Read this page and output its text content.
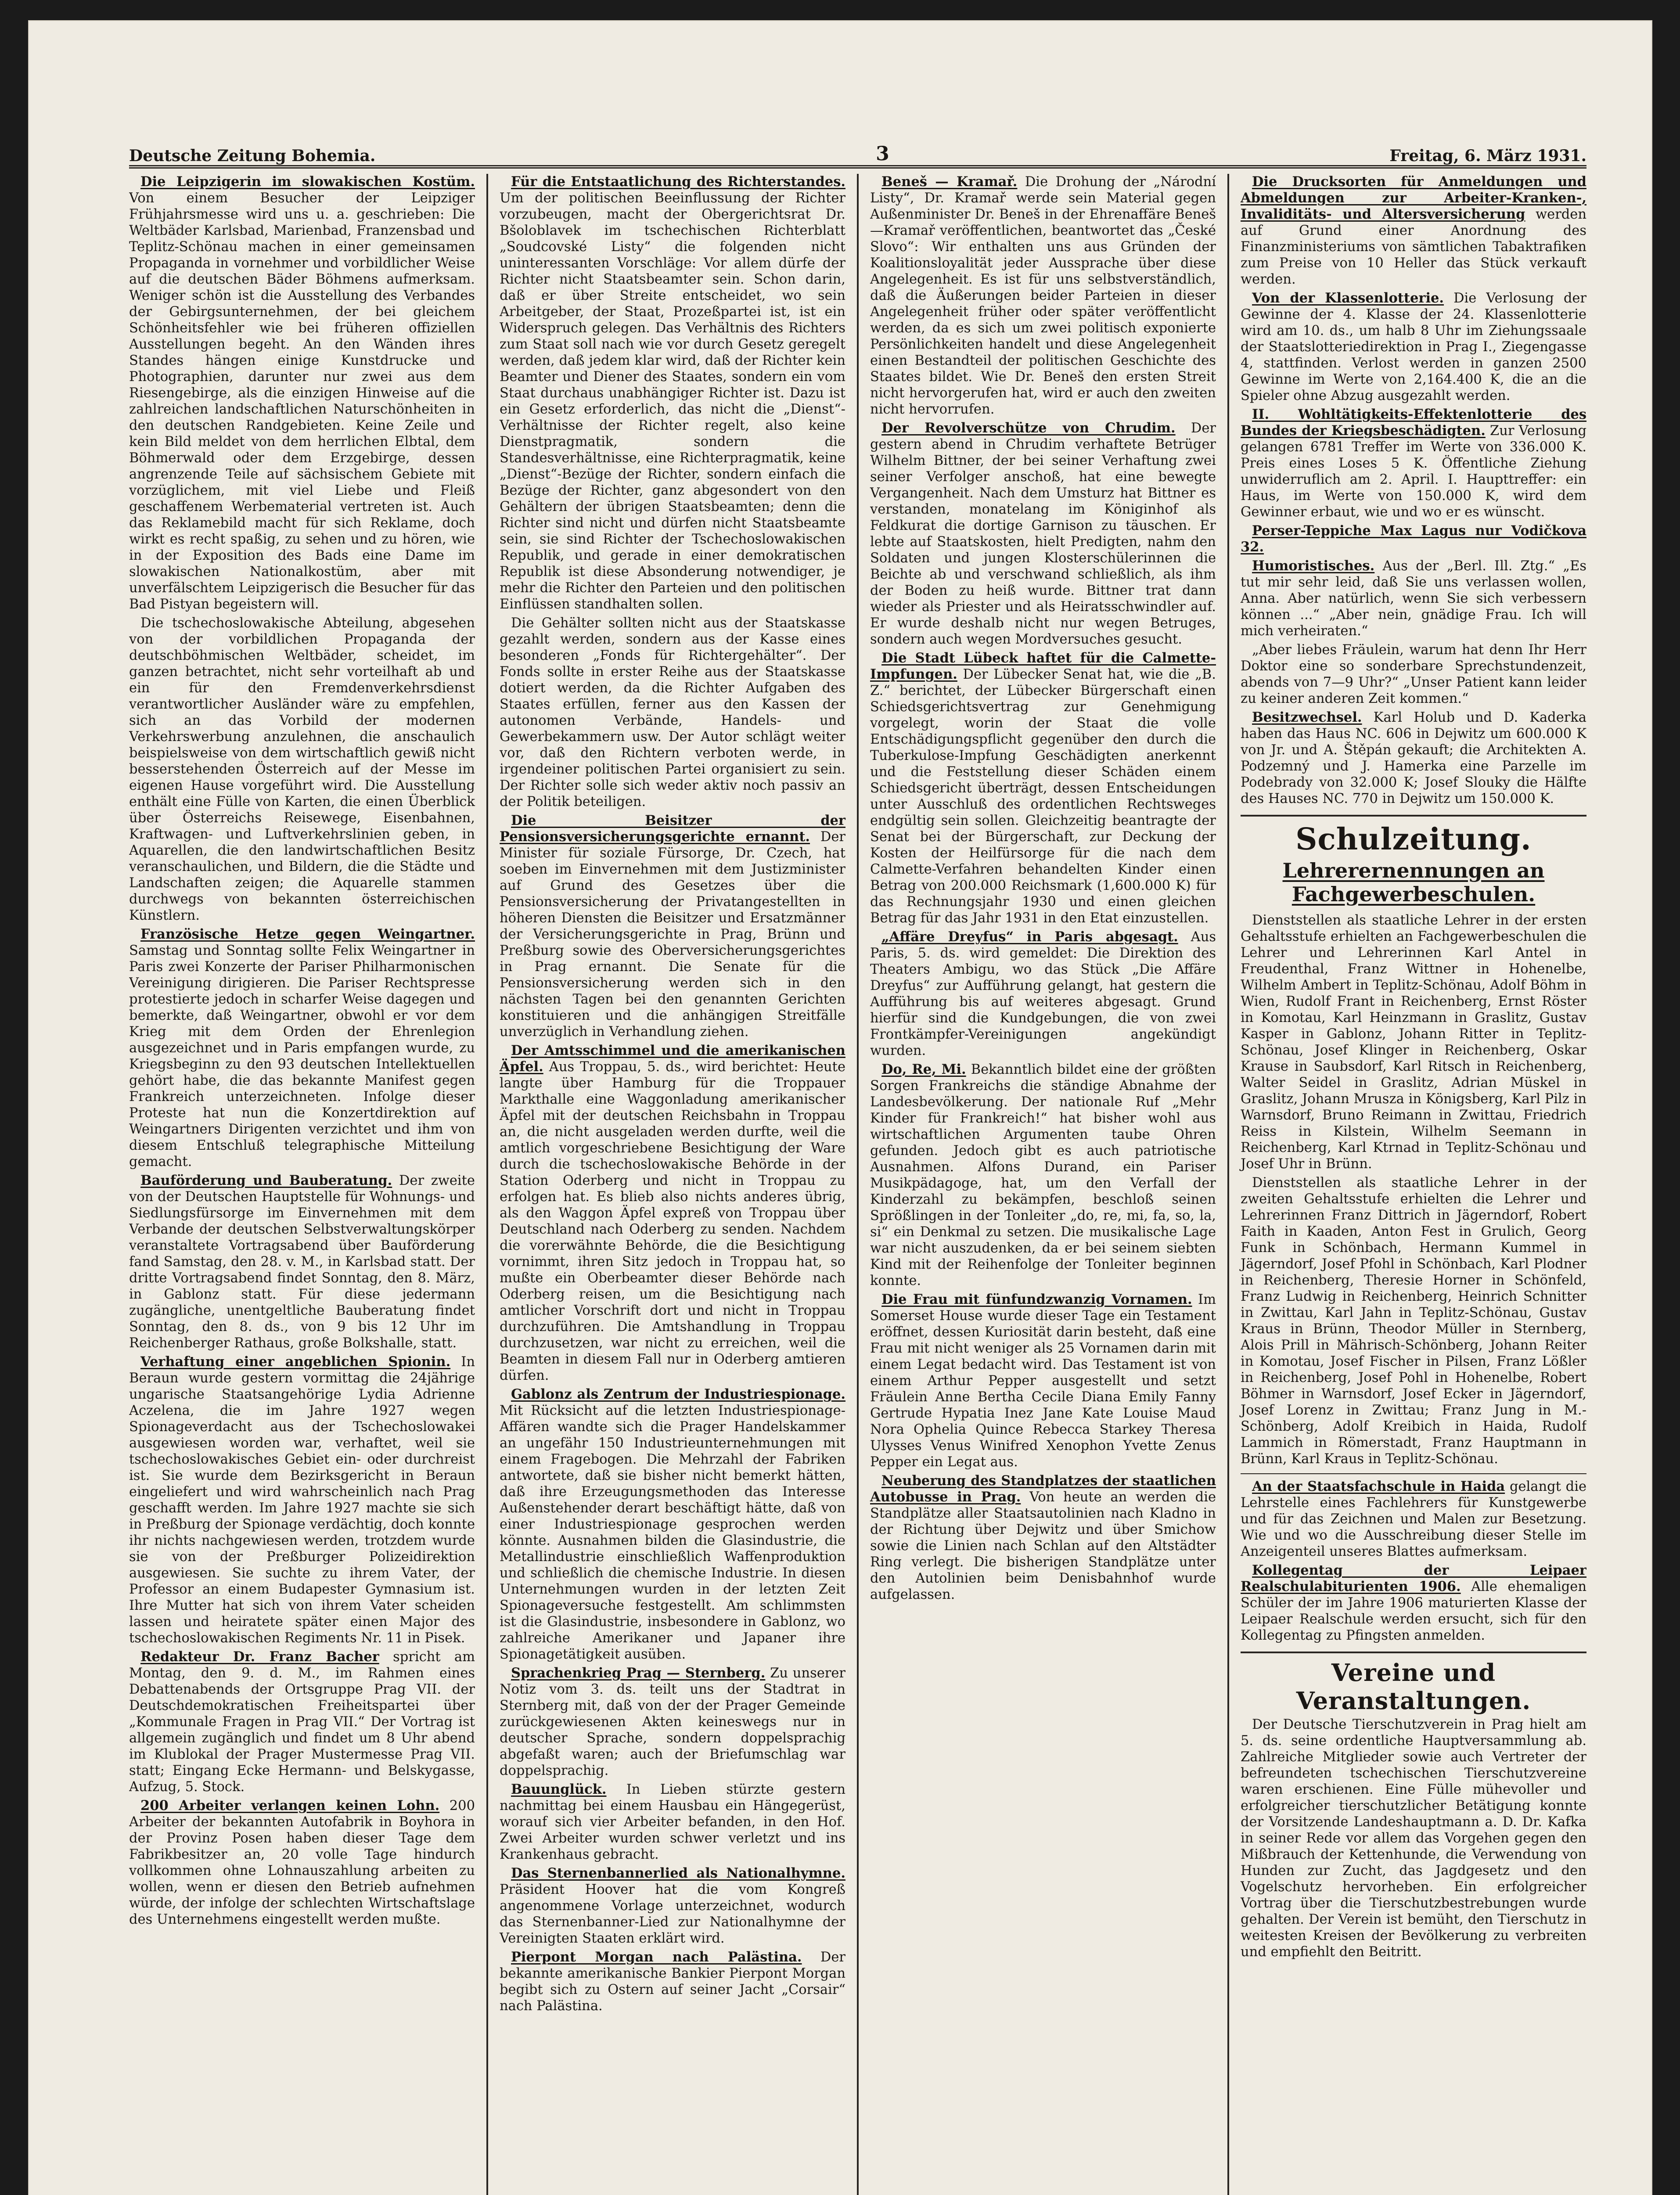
Deutsche Zeitung Bohemia.	3	Freitag, 6. März 1931.

Die Leipzigerin im slowakischen Kostüm. Von einem Besucher der Leipziger Frühjahrsmesse wird uns u. a. geschrieben: Die Weltbäder Karlsbad, Marienbad, Franzensbad und Teplitz-Schönau machen in einer gemeinsamen Propaganda in vornehmer und vorbildlicher Weise auf die deutschen Bäder Böhmens aufmerksam. Weniger schön ist die Ausstellung des Verbandes der Gebirgsunternehmen, der bei gleichem Schönheitsfehler wie bei früheren offiziellen Ausstellungen begeht. An den Wänden ihres Standes hängen einige Kunstdrucke und Photographien, darunter nur zwei aus dem Riesengebirge, als die einzigen Hinweise auf die zahlreichen landschaftlichen Naturschönheiten in den deutschen Randgebieten. Keine Zeile und kein Bild meldet von dem herrlichen Elbtal, dem Böhmerwald oder dem Erzgebirge, dessen angrenzende Teile auf sächsischem Gebiete mit vorzüglichem, mit viel Liebe und Fleiß geschaffenem Werbematerial vertreten ist. Auch das Reklamebild macht für sich Reklame, doch wirkt es recht spaßig, zu sehen und zu hören, wie in der Exposition des Bads eine Dame im slowakischen Nationalkostüm, aber mit unverfälschtem Leipzigerisch die Besucher für das Bad Pistyan begeistern will.

Die tschechoslowakische Abteilung, abgesehen von der vorbildlichen Propaganda der deutschböhmischen Weltbäder, scheidet, im ganzen betrachtet, nicht sehr vorteilhaft ab und ein für den Fremdenverkehrsdienst verantwortlicher Ausländer wäre zu empfehlen, sich an das Vorbild der modernen Verkehrswerbung anzulehnen, die anschaulich beispielsweise von dem wirtschaftlich gewiß nicht besserstehenden Österreich auf der Messe im eigenen Hause vorgeführt wird. Die Ausstellung enthält eine Fülle von Karten, die einen Überblick über Österreichs Reisewege, Eisenbahnen, Kraftwagen- und Luftverkehrslinien geben, in Aquarellen, die den landwirtschaftlichen Besitz veranschaulichen, und Bildern, die die Städte und Landschaften zeigen; die Aquarelle stammen durchwegs von bekannten österreichischen Künstlern.

Französische Hetze gegen Weingartner. Samstag und Sonntag sollte Felix Weingartner in Paris zwei Konzerte der Pariser Philharmonischen Vereinigung dirigieren. Die Pariser Rechtspresse protestierte jedoch in scharfer Weise dagegen und bemerkte, daß Weingartner, obwohl er vor dem Krieg mit dem Orden der Ehrenlegion ausgezeichnet und in Paris empfangen wurde, zu Kriegsbeginn zu den 93 deutschen Intellektuellen gehört habe, die das bekannte Manifest gegen Frankreich unterzeichneten. Infolge dieser Proteste hat nun die Konzertdirektion auf Weingartners Dirigenten verzichtet und ihm von diesem Entschluß telegraphische Mitteilung gemacht.

Bauförderung und Bauberatung. Der zweite von der Deutschen Hauptstelle für Wohnungs- und Siedlungsfürsorge im Einvernehmen mit dem Verbande der deutschen Selbstverwaltungskörper veranstaltete Vortragsabend über Bauförderung fand Samstag, den 28. v. M., in Karlsbad statt. Der dritte Vortragsabend findet Sonntag, den 8. März, in Gablonz statt. Für diese jedermann zugängliche, unentgeltliche Bauberatung findet Sonntag, den 8. ds., von 9 bis 12 Uhr im Reichenberger Rathaus, große Bolkshalle, statt.

Verhaftung einer angeblichen Spionin. In Beraun wurde gestern vormittag die 24jährige ungarische Staatsangehörige Lydia Adrienne Aczelena, die im Jahre 1927 wegen Spionageverdacht aus der Tschechoslowakei ausgewiesen worden war, verhaftet, weil sie tschechoslowakisches Gebiet ein- oder durchreist ist. Sie wurde dem Bezirksgericht in Beraun eingeliefert und wird wahrscheinlich nach Prag geschafft werden. Im Jahre 1927 machte sie sich in Preßburg der Spionage verdächtig, doch konnte ihr nichts nachgewiesen werden, trotzdem wurde sie von der Preßburger Polizeidirektion ausgewiesen. Sie suchte zu ihrem Vater, der Professor an einem Budapester Gymnasium ist. Ihre Mutter hat sich von ihrem Vater scheiden lassen und heiratete später einen Major des tschechoslowakischen Regiments Nr. 11 in Pisek.

Redakteur Dr. Franz Bacher spricht am Montag, den 9. d. M., im Rahmen eines Debattenabends der Ortsgruppe Prag VII. der Deutschdemokratischen Freiheitspartei über „Kommunale Fragen in Prag VII.“ Der Vortrag ist allgemein zugänglich und findet um 8 Uhr abend im Klublokal der Prager Mustermesse Prag VII. statt; Eingang Ecke Hermann- und Belskygasse, Aufzug, 5. Stock.

200 Arbeiter verlangen keinen Lohn. 200 Arbeiter der bekannten Autofabrik in Boyhora in der Provinz Posen haben dieser Tage dem Fabrikbesitzer an, 20 volle Tage hindurch vollkommen ohne Lohnauszahlung arbeiten zu wollen, wenn er diesen den Betrieb aufnehmen würde, der infolge der schlechten Wirtschaftslage des Unternehmens eingestellt werden mußte.

Für die Entstaatlichung des Richterstandes. Um der politischen Beeinflussung der Richter vorzubeugen, macht der Obergerichtsrat Dr. Bšoloblavek im tschechischen Richterblatt „Soudcovské Listy“ die folgenden nicht uninteressanten Vorschläge: Vor allem dürfe der Richter nicht Staatsbeamter sein. Schon darin, daß er über Streite entscheidet, wo sein Arbeitgeber, der Staat, Prozeßpartei ist, ist ein Widerspruch gelegen. Das Verhältnis des Richters zum Staat soll nach wie vor durch Gesetz geregelt werden, daß jedem klar wird, daß der Richter kein Beamter und Diener des Staates, sondern ein vom Staat durchaus unabhängiger Richter ist. Dazu ist ein Gesetz erforderlich, das nicht die „Dienst“-Verhältnisse der Richter regelt, also keine Dienstpragmatik, sondern die Standesverhältnisse, eine Richterpragmatik, keine „Dienst“-Bezüge der Richter, sondern einfach die Bezüge der Richter, ganz abgesondert von den Gehältern der übrigen Staatsbeamten; denn die Richter sind nicht und dürfen nicht Staatsbeamte sein, sie sind Richter der Tschechoslowakischen Republik, und gerade in einer demokratischen Republik ist diese Absonderung notwendiger, je mehr die Richter den Parteien und den politischen Einflüssen standhalten sollen.

Die Gehälter sollten nicht aus der Staatskasse gezahlt werden, sondern aus der Kasse eines besonderen „Fonds für Richtergehälter“. Der Fonds sollte in erster Reihe aus der Staatskasse dotiert werden, da die Richter Aufgaben des Staates erfüllen, ferner aus den Kassen der autonomen Verbände, Handels- und Gewerbekammern usw. Der Autor schlägt weiter vor, daß den Richtern verboten werde, in irgendeiner politischen Partei organisiert zu sein. Der Richter solle sich weder aktiv noch passiv an der Politik beteiligen.

Die Beisitzer der Pensionsversicherungsgerichte ernannt. Der Minister für soziale Fürsorge, Dr. Czech, hat soeben im Einvernehmen mit dem Justizminister auf Grund des Gesetzes über die Pensionsversicherung der Privatangestellten in höheren Diensten die Beisitzer und Ersatzmänner der Versicherungsgerichte in Prag, Brünn und Preßburg sowie des Oberversicherungsgerichtes in Prag ernannt. Die Senate für die Pensionsversicherung werden sich in den nächsten Tagen bei den genannten Gerichten konstituieren und die anhängigen Streitfälle unverzüglich in Verhandlung ziehen.

Der Amtsschimmel und die amerikanischen Äpfel. Aus Troppau, 5. ds., wird berichtet: Heute langte über Hamburg für die Troppauer Markthalle eine Waggonladung amerikanischer Äpfel mit der deutschen Reichsbahn in Troppau an, die nicht ausgeladen werden durfte, weil die amtlich vorgeschriebene Besichtigung der Ware durch die tschechoslowakische Behörde in der Station Oderberg und nicht in Troppau zu erfolgen hat. Es blieb also nichts anderes übrig, als den Waggon Äpfel expreß von Troppau über Deutschland nach Oderberg zu senden. Nachdem die vorerwähnte Behörde, die die Besichtigung vornimmt, ihren Sitz jedoch in Troppau hat, so mußte ein Oberbeamter dieser Behörde nach Oderberg reisen, um die Besichtigung nach amtlicher Vorschrift dort und nicht in Troppau durchzuführen. Die Amtshandlung in Troppau durchzusetzen, war nicht zu erreichen, weil die Beamten in diesem Fall nur in Oderberg amtieren dürfen.

Gablonz als Zentrum der Industriespionage. Mit Rücksicht auf die letzten Industriespionage-Affären wandte sich die Prager Handelskammer an ungefähr 150 Industrieunternehmungen mit einem Fragebogen. Die Mehrzahl der Fabriken antwortete, daß sie bisher nicht bemerkt hätten, daß ihre Erzeugungsmethoden das Interesse Außenstehender derart beschäftigt hätte, daß von einer Industriespionage gesprochen werden könnte. Ausnahmen bilden die Glasindustrie, die Metallindustrie einschließlich Waffenproduktion und schließlich die chemische Industrie. In diesen Unternehmungen wurden in der letzten Zeit Spionageversuche festgestellt. Am schlimmsten ist die Glasindustrie, insbesondere in Gablonz, wo zahlreiche Amerikaner und Japaner ihre Spionagetätigkeit ausüben.

Sprachenkrieg Prag — Sternberg. Zu unserer Notiz vom 3. ds. teilt uns der Stadtrat in Sternberg mit, daß von der der Prager Gemeinde zurückgewiesenen Akten keineswegs nur in deutscher Sprache, sondern doppelsprachig abgefaßt waren; auch der Briefumschlag war doppelsprachig.

Bauunglück. In Lieben stürzte gestern nachmittag bei einem Hausbau ein Hängegerüst, worauf sich vier Arbeiter befanden, in den Hof. Zwei Arbeiter wurden schwer verletzt und ins Krankenhaus gebracht.

Das Sternenbannerlied als Nationalhymne. Präsident Hoover hat die vom Kongreß angenommene Vorlage unterzeichnet, wodurch das Sternenbanner-Lied zur Nationalhymne der Vereinigten Staaten erklärt wird.

Pierpont Morgan nach Palästina. Der bekannte amerikanische Bankier Pierpont Morgan begibt sich zu Ostern auf seiner Jacht „Corsair“ nach Palästina.

Beneš — Kramař. Die Drohung der „Národní Listy“, Dr. Kramař werde sein Material gegen Außenminister Dr. Beneš in der Ehrenaffäre Beneš—Kramař veröffentlichen, beantwortet das „České Slovo“: Wir enthalten uns aus Gründen der Koalitionsloyalität jeder Aussprache über diese Angelegenheit. Es ist für uns selbstverständlich, daß die Äußerungen beider Parteien in dieser Angelegenheit früher oder später veröffentlicht werden, da es sich um zwei politisch exponierte Persönlichkeiten handelt und diese Angelegenheit einen Bestandteil der politischen Geschichte des Staates bildet. Wie Dr. Beneš den ersten Streit nicht hervorgerufen hat, wird er auch den zweiten nicht hervorrufen.

Der Revolverschütze von Chrudim. Der gestern abend in Chrudim verhaftete Betrüger Wilhelm Bittner, der bei seiner Verhaftung zwei seiner Verfolger anschoß, hat eine bewegte Vergangenheit. Nach dem Umsturz hat Bittner es verstanden, monatelang im Königinhof als Feldkurat die dortige Garnison zu täuschen. Er lebte auf Staatskosten, hielt Predigten, nahm den Soldaten und jungen Klosterschülerinnen die Beichte ab und verschwand schließlich, als ihm der Boden zu heiß wurde. Bittner trat dann wieder als Priester und als Heiratsschwindler auf. Er wurde deshalb nicht nur wegen Betruges, sondern auch wegen Mordversuches gesucht.

Die Stadt Lübeck haftet für die Calmette-Impfungen. Der Lübecker Senat hat, wie die „B. Z.“ berichtet, der Lübecker Bürgerschaft einen Schiedsgerichtsvertrag zur Genehmigung vorgelegt, worin der Staat die volle Entschädigungspflicht gegenüber den durch die Tuberkulose-Impfung Geschädigten anerkennt und die Feststellung dieser Schäden einem Schiedsgericht überträgt, dessen Entscheidungen unter Ausschluß des ordentlichen Rechtsweges endgültig sein sollen. Gleichzeitig beantragte der Senat bei der Bürgerschaft, zur Deckung der Kosten der Heilfürsorge für die nach dem Calmette-Verfahren behandelten Kinder einen Betrag von 200.000 Reichsmark (1,600.000 K) für das Rechnungsjahr 1930 und einen gleichen Betrag für das Jahr 1931 in den Etat einzustellen.

„Affäre Dreyfus“ in Paris abgesagt. Aus Paris, 5. ds. wird gemeldet: Die Direktion des Theaters Ambigu, wo das Stück „Die Affäre Dreyfus“ zur Aufführung gelangt, hat gestern die Aufführung bis auf weiteres abgesagt. Grund hierfür sind die Kundgebungen, die von zwei Frontkämpfer-Vereinigungen angekündigt wurden.

Do, Re, Mi. Bekanntlich bildet eine der größten Sorgen Frankreichs die ständige Abnahme der Landesbevölkerung. Der nationale Ruf „Mehr Kinder für Frankreich!“ hat bisher wohl aus wirtschaftlichen Argumenten taube Ohren gefunden. Jedoch gibt es auch patriotische Ausnahmen. Alfons Durand, ein Pariser Musikpädagoge, hat, um den Verfall der Kinderzahl zu bekämpfen, beschloß seinen Sprößlingen in der Tonleiter „do, re, mi, fa, so, la, si“ ein Denkmal zu setzen. Die musikalische Lage war nicht auszudenken, da er bei seinem siebten Kind mit der Reihenfolge der Tonleiter beginnen konnte.

Die Frau mit fünfundzwanzig Vornamen. Im Somerset House wurde dieser Tage ein Testament eröffnet, dessen Kuriosität darin besteht, daß eine Frau mit nicht weniger als 25 Vornamen darin mit einem Legat bedacht wird. Das Testament ist von einem Arthur Pepper ausgestellt und setzt Fräulein Anne Bertha Cecile Diana Emily Fanny Gertrude Hypatia Inez Jane Kate Louise Maud Nora Ophelia Quince Rebecca Starkey Theresa Ulysses Venus Winifred Xenophon Yvette Zenus Pepper ein Legat aus.

Neuberung des Standplatzes der staatlichen Autobusse in Prag. Von heute an werden die Standplätze aller Staatsautolinien nach Kladno in der Richtung über Dejwitz und über Smichow sowie die Linien nach Schlan auf den Altstädter Ring verlegt. Die bisherigen Standplätze unter den Autolinien beim Denisbahnhof wurde aufgelassen.

Die Drucksorten für Anmeldungen und Abmeldungen zur Arbeiter-Kranken-, Invaliditäts- und Altersversicherung werden auf Grund einer Anordnung des Finanzministeriums von sämtlichen Tabaktrafiken zum Preise von 10 Heller das Stück verkauft werden.

Von der Klassenlotterie. Die Verlosung der Gewinne der 4. Klasse der 24. Klassenlotterie wird am 10. ds., um halb 8 Uhr im Ziehungssaale der Staatslotteriedirektion in Prag I., Ziegengasse 4, stattfinden. Verlost werden in ganzen 2500 Gewinne im Werte von 2,164.400 K, die an die Spieler ohne Abzug ausgezahlt werden.

II. Wohltätigkeits-Effektenlotterie des Bundes der Kriegsbeschädigten. Zur Verlosung gelangen 6781 Treffer im Werte von 336.000 K. Preis eines Loses 5 K. Öffentliche Ziehung unwiderruflich am 2. April. I. Haupttreffer: ein Haus, im Werte von 150.000 K, wird dem Gewinner erbaut, wie und wo er es wünscht.

Perser-Teppiche Max Lagus nur Vodičkova 32.

Humoristisches. Aus der „Berl. Ill. Ztg.“ „Es tut mir sehr leid, daß Sie uns verlassen wollen, Anna. Aber natürlich, wenn Sie sich verbessern können ...“ „Aber nein, gnädige Frau. Ich will mich verheiraten.“

„Aber liebes Fräulein, warum hat denn Ihr Herr Doktor eine so sonderbare Sprechstundenzeit, abends von 7—9 Uhr?“ „Unser Patient kann leider zu keiner anderen Zeit kommen.“

Besitzwechsel. Karl Holub und D. Kaderka haben das Haus NC. 606 in Dejwitz um 600.000 K von Jr. und A. Štěpán gekauft; die Architekten A. Podzemný und J. Hamerka eine Parzelle im Podebrady von 32.000 K; Josef Slouky die Hälfte des Hauses NC. 770 in Dejwitz um 150.000 K.

Schulzeitung.
Lehrerernennungen an Fachgewerbeschulen.

Dienststellen als staatliche Lehrer in der ersten Gehaltsstufe erhielten an Fachgewerbeschulen die Lehrer und Lehrerinnen Karl Antel in Freudenthal, Franz Wittner in Hohenelbe, Wilhelm Ambert in Teplitz-Schönau, Adolf Böhm in Wien, Rudolf Frant in Reichenberg, Ernst Röster in Komotau, Karl Heinzmann in Graslitz, Gustav Kasper in Gablonz, Johann Ritter in Teplitz-Schönau, Josef Klinger in Reichenberg, Oskar Krause in Saubsdorf, Karl Ritsch in Reichenberg, Walter Seidel in Graslitz, Adrian Müskel in Graslitz, Johann Mrusza in Königsberg, Karl Pilz in Warnsdorf, Bruno Reimann in Zwittau, Friedrich Reiss in Kilstein, Wilhelm Seemann in Reichenberg, Karl Ktrnad in Teplitz-Schönau und Josef Uhr in Brünn.

Dienststellen als staatliche Lehrer in der zweiten Gehaltsstufe erhielten die Lehrer und Lehrerinnen Franz Dittrich in Jägerndorf, Robert Faith in Kaaden, Anton Fest in Grulich, Georg Funk in Schönbach, Hermann Kummel in Jägerndorf, Josef Pfohl in Schönbach, Karl Plodner in Reichenberg, Theresie Horner in Schönfeld, Franz Ludwig in Reichenberg, Heinrich Schnitter in Zwittau, Karl Jahn in Teplitz-Schönau, Gustav Kraus in Brünn, Theodor Müller in Sternberg, Alois Prill in Mährisch-Schönberg, Johann Reiter in Komotau, Josef Fischer in Pilsen, Franz Lößler in Reichenberg, Josef Pohl in Hohenelbe, Robert Böhmer in Warnsdorf, Josef Ecker in Jägerndorf, Josef Lorenz in Zwittau; Franz Jung in M.-Schönberg, Adolf Kreibich in Haida, Rudolf Lammich in Römerstadt, Franz Hauptmann in Brünn, Karl Kraus in Teplitz-Schönau.

An der Staatsfachschule in Haida gelangt die Lehrstelle eines Fachlehrers für Kunstgewerbe und für das Zeichnen und Malen zur Besetzung. Wie und wo die Ausschreibung dieser Stelle im Anzeigenteil unseres Blattes aufmerksam.

Kollegentag der Leipaer Realschulabiturienten 1906. Alle ehemaligen Schüler der im Jahre 1906 maturierten Klasse der Leipaer Realschule werden ersucht, sich für den Kollegentag zu Pfingsten anmelden.

Vereine und Veranstaltungen.

Der Deutsche Tierschutzverein in Prag hielt am 5. ds. seine ordentliche Hauptversammlung ab. Zahlreiche Mitglieder sowie auch Vertreter der befreundeten tschechischen Tierschutzvereine waren erschienen. Eine Fülle mühevoller und erfolgreicher tierschutzlicher Betätigung konnte der Vorsitzende Landeshauptmann a. D. Dr. Kafka in seiner Rede vor allem das Vorgehen gegen den Mißbrauch der Kettenhunde, die Verwendung von Hunden zur Zucht, das Jagdgesetz und den Vogelschutz hervorheben. Ein erfolgreicher Vortrag über die Tierschutzbestrebungen wurde gehalten. Der Verein ist bemüht, den Tierschutz in weitesten Kreisen der Bevölkerung zu verbreiten und empfiehlt den Beitritt.
